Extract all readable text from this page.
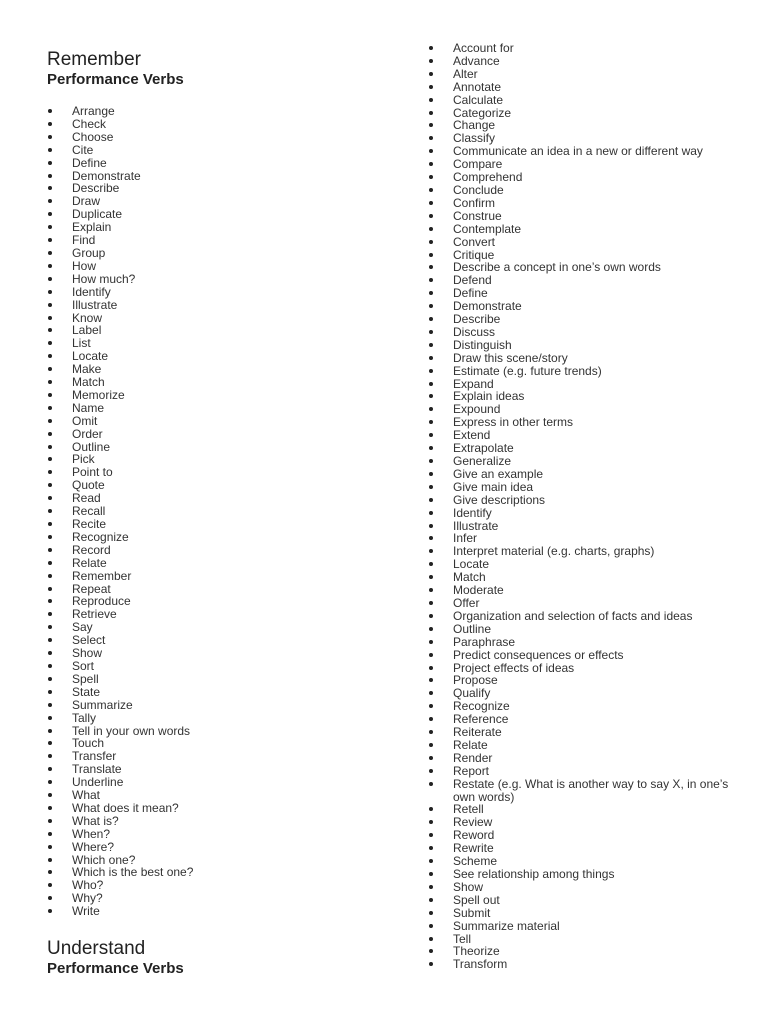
Remember
Performance Verbs
Arrange
Check
Choose
Cite
Define
Demonstrate
Describe
Draw
Duplicate
Explain
Find
Group
How
How much?
Identify
Illustrate
Know
Label
List
Locate
Make
Match
Memorize
Name
Omit
Order
Outline
Pick
Point to
Quote
Read
Recall
Recite
Recognize
Record
Relate
Remember
Repeat
Reproduce
Retrieve
Say
Select
Show
Sort
Spell
State
Summarize
Tally
Tell in your own words
Touch
Transfer
Translate
Underline
What
What does it mean?
What is?
When?
Where?
Which one?
Which is the best one?
Who?
Why?
Write
Understand
Performance Verbs
Account for
Advance
Alter
Annotate
Calculate
Categorize
Change
Classify
Communicate an idea in a new or different way
Compare
Comprehend
Conclude
Confirm
Construe
Contemplate
Convert
Critique
Describe a concept in one’s own words
Defend
Define
Demonstrate
Describe
Discuss
Distinguish
Draw this scene/story
Estimate (e.g. future trends)
Expand
Explain ideas
Expound
Express in other terms
Extend
Extrapolate
Generalize
Give an example
Give main idea
Give descriptions
Identify
Illustrate
Infer
Interpret material (e.g. charts, graphs)
Locate
Match
Moderate
Offer
Organization and selection of facts and ideas
Outline
Paraphrase
Predict consequences or effects
Project effects of ideas
Propose
Qualify
Recognize
Reference
Reiterate
Relate
Render
Report
Restate (e.g. What is another way to say X, in one’s own words)
Retell
Review
Reword
Rewrite
Scheme
See relationship among things
Show
Spell out
Submit
Summarize material
Tell
Theorize
Transform
